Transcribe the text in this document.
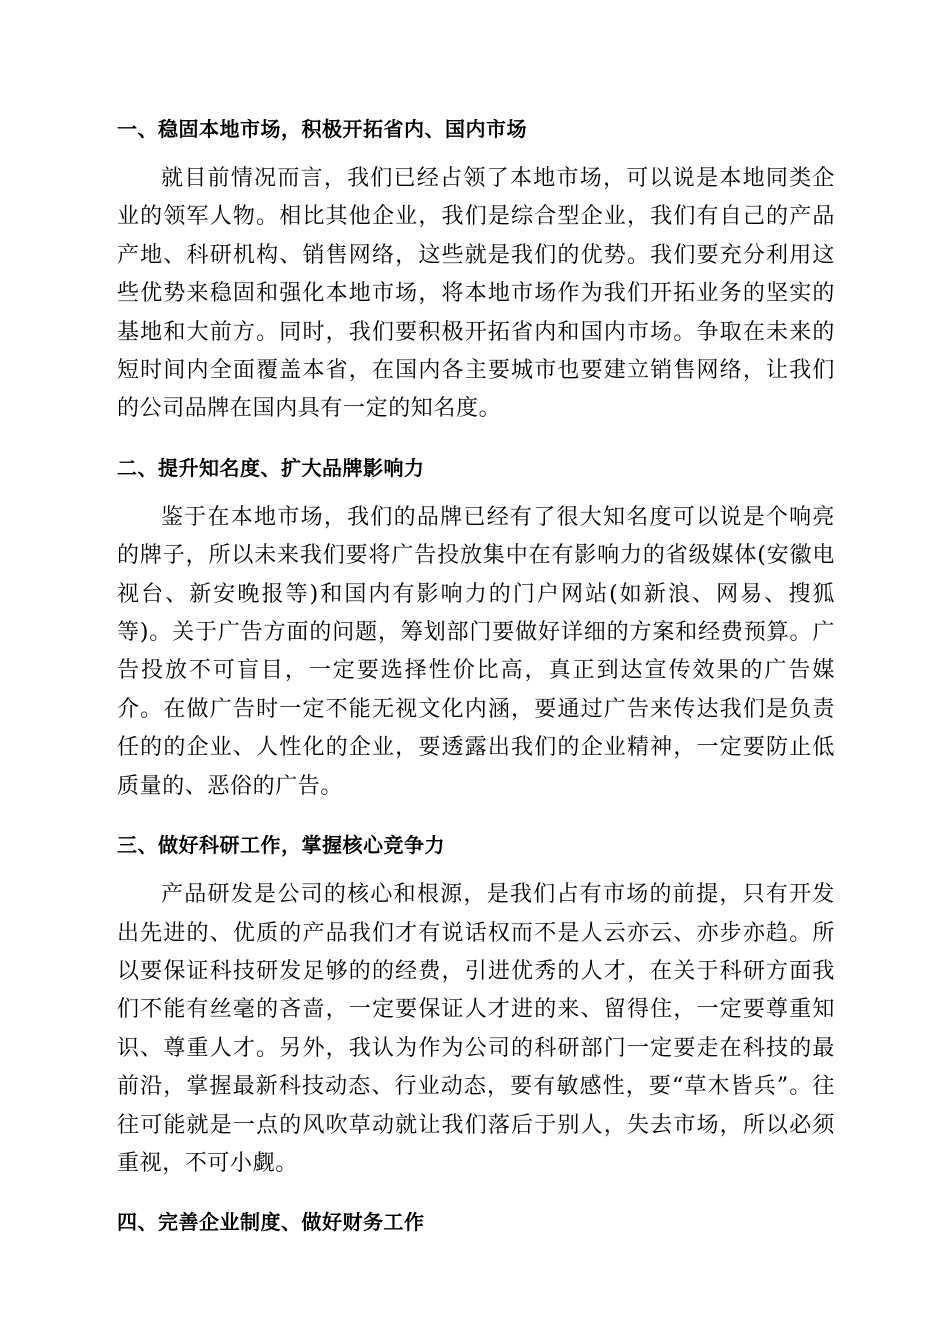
一、稳固本地市场，积极开拓省内、国内市场

就目前情况而言，我们已经占领了本地市场，可以说是本地同类企业的领军人物。相比其他企业，我们是综合型企业，我们有自己的产品产地、科研机构、销售网络，这些就是我们的优势。我们要充分利用这些优势来稳固和强化本地市场，将本地市场作为我们开拓业务的坚实的基地和大前方。同时，我们要积极开拓省内和国内市场。争取在未来的短时间内全面覆盖本省，在国内各主要城市也要建立销售网络，让我们的公司品牌在国内具有一定的知名度。

二、提升知名度、扩大品牌影响力

鉴于在本地市场，我们的品牌已经有了很大知名度可以说是个响亮的牌子，所以未来我们要将广告投放集中在有影响力的省级媒体(安徽电视台、新安晚报等)和国内有影响力的门户网站(如新浪、网易、搜狐等)。关于广告方面的问题，筹划部门要做好详细的方案和经费预算。广告投放不可盲目，一定要选择性价比高，真正到达宣传效果的广告媒介。在做广告时一定不能无视文化内涵，要通过广告来传达我们是负责任的的企业、人性化的企业，要透露出我们的企业精神，一定要防止低质量的、恶俗的广告。

三、做好科研工作，掌握核心竞争力

产品研发是公司的核心和根源，是我们占有市场的前提，只有开发出先进的、优质的产品我们才有说话权而不是人云亦云、亦步亦趋。所以要保证科技研发足够的的经费，引进优秀的人才，在关于科研方面我们不能有丝毫的吝啬，一定要保证人才进的来、留得住，一定要尊重知识、尊重人才。另外，我认为作为公司的科研部门一定要走在科技的最前沿，掌握最新科技动态、行业动态，要有敏感性，要“草木皆兵”。往往可能就是一点的风吹草动就让我们落后于别人，失去市场，所以必须重视，不可小觑。

四、完善企业制度、做好财务工作
